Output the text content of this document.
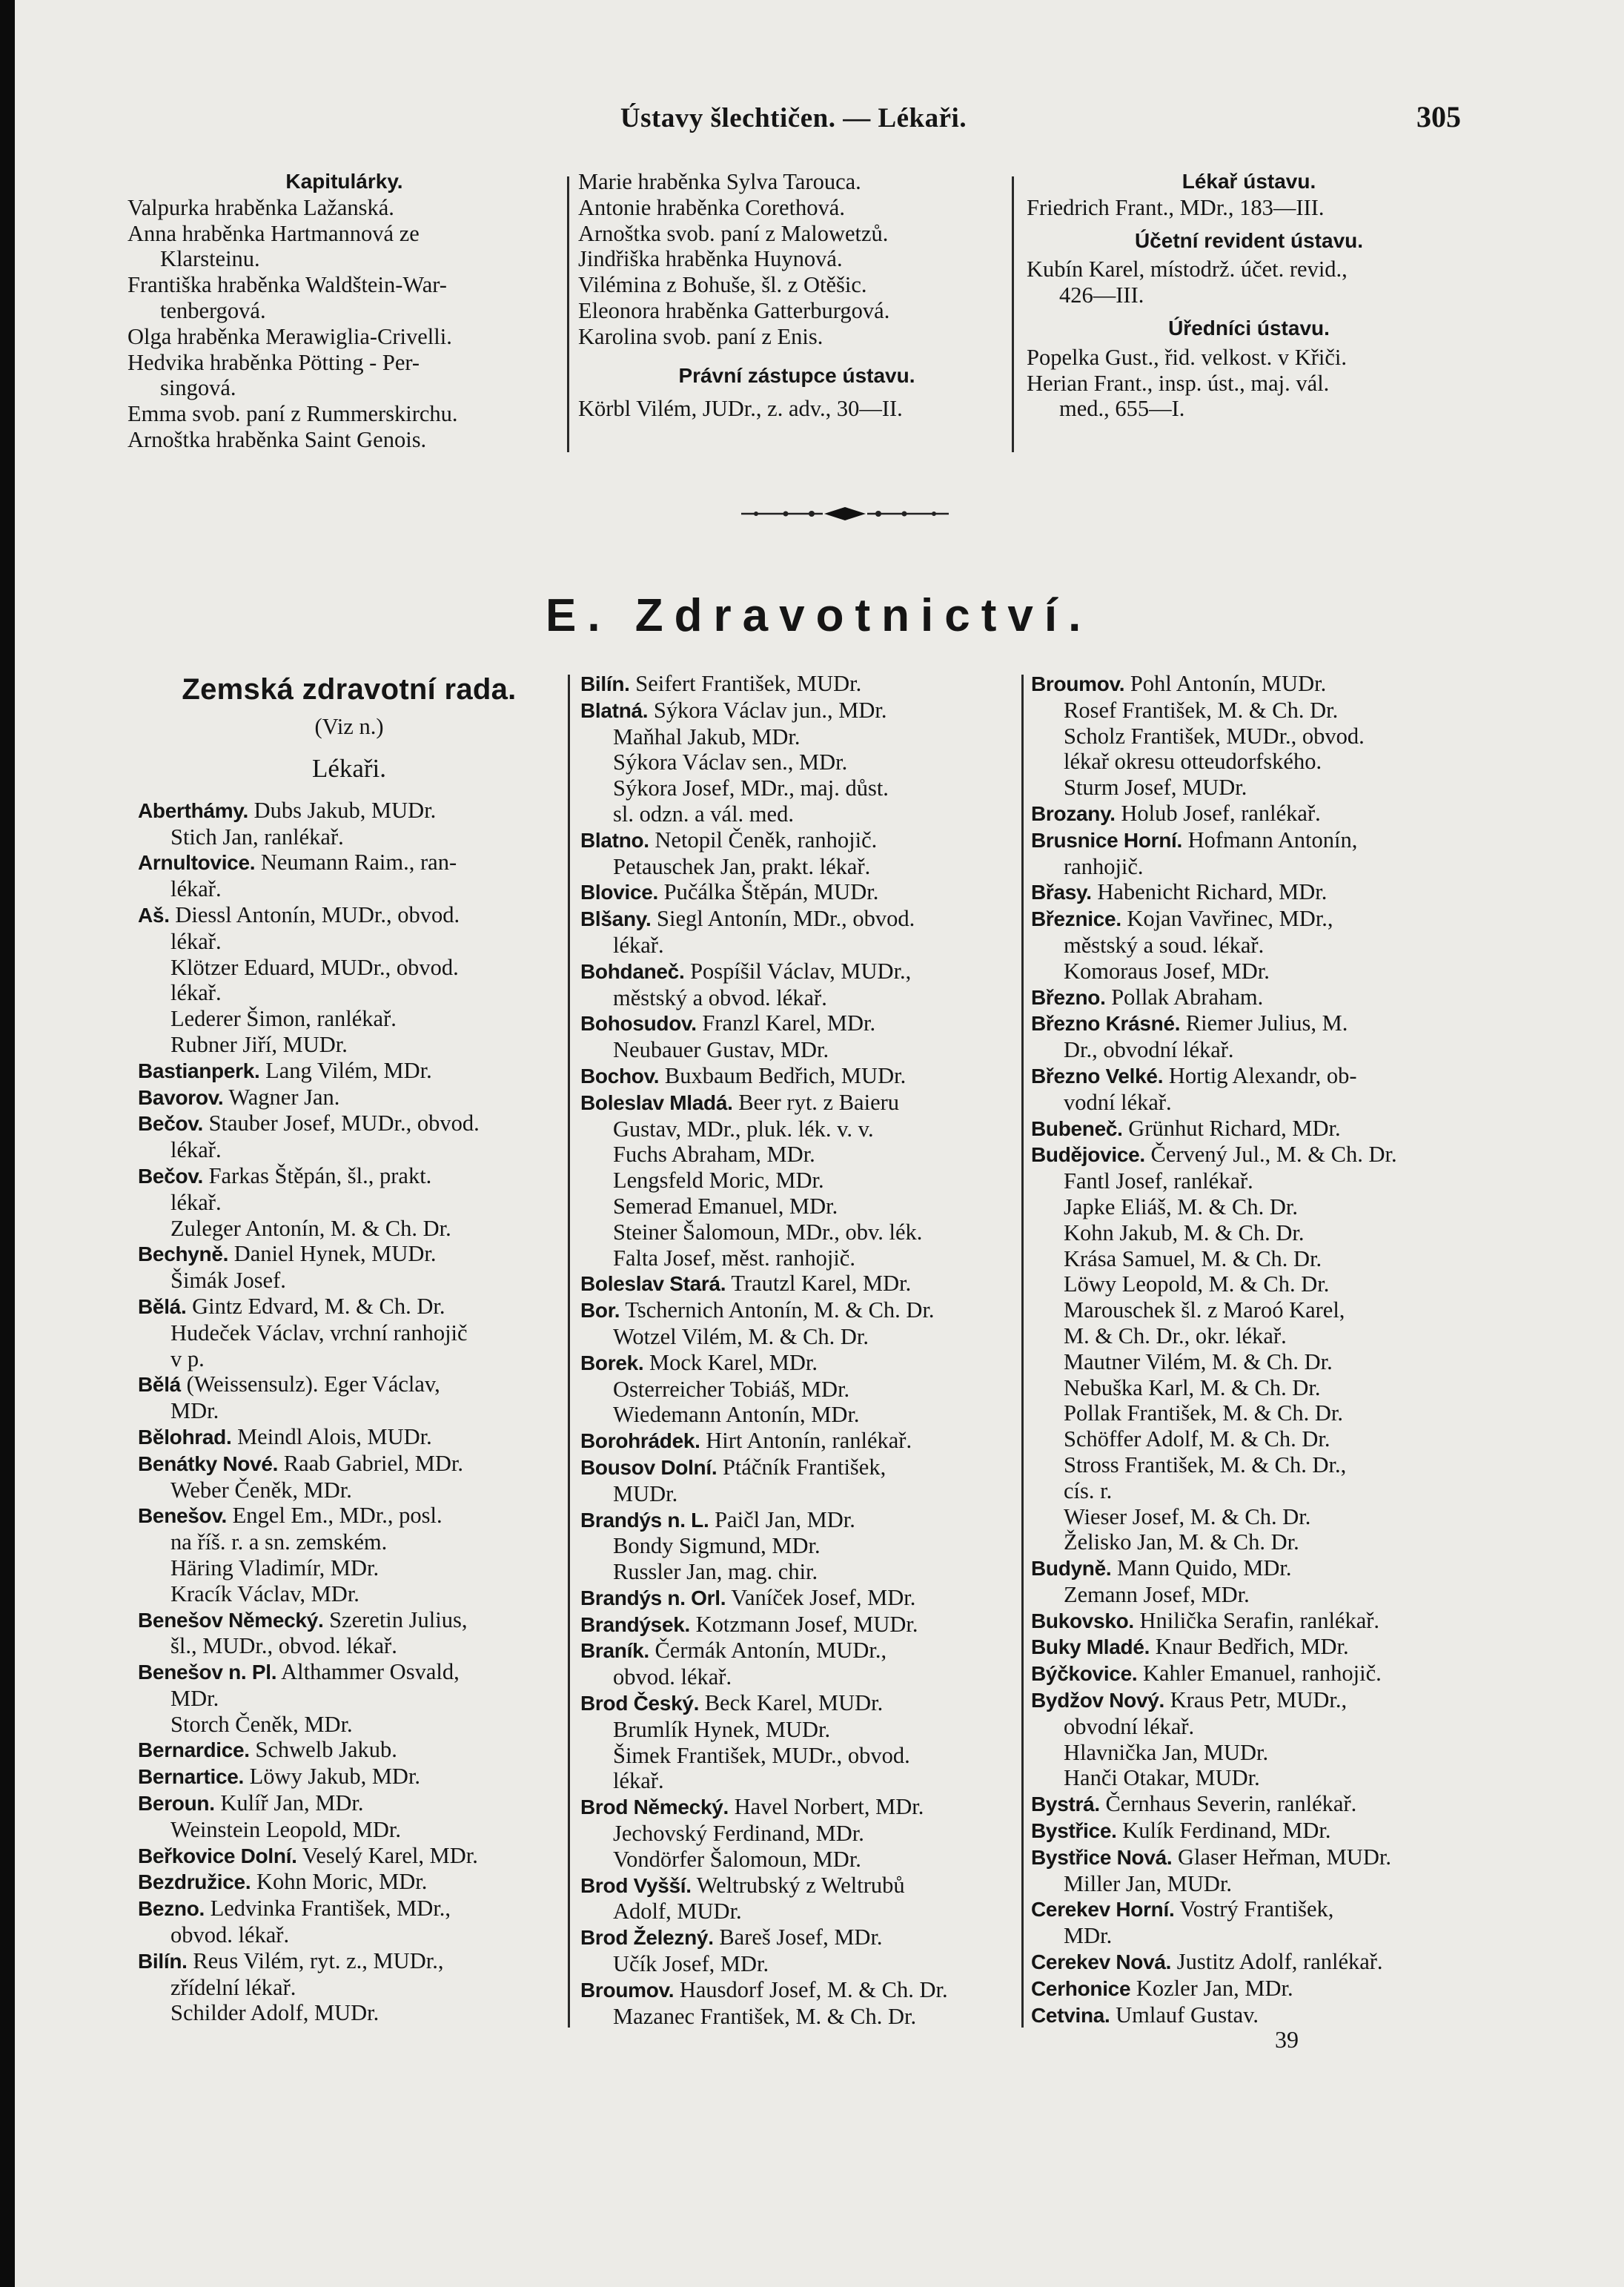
Ústavy šlechtičen. — Lékaři.	305
Kapitulárky.
Valpurka hraběnka Lažanská.
Anna hraběnka Hartmannová ze
Klarsteinu.
Františka hraběnka Waldštein-War-
tenbergová.
Olga hraběnka Merawiglia-Crivelli.
Hedvika hraběnka Pötting - Per-
singová.
Emma svob. paní z Rummerskirchu.
Arnoštka hraběnka Saint Genois.
Marie hraběnka Sylva Tarouca.
Antonie hraběnka Corethová.
Arnoštka svob. paní z Malowetzů.
Jindřiška hraběnka Huynová.
Vilémina z Bohuše, šl. z Otěšic.
Eleonora hraběnka Gatterburgová.
Karolina svob. paní z Enis.
Právní zástupce ústavu.
Körbl Vilém, JUDr., z. adv., 30—II.
Lékař ústavu.
Friedrich Frant., MDr., 183—III.
Účetní revident ústavu.
Kubín Karel, místodrž. účet. revid.,
426—III.
Úředníci ústavu.
Popelka Gust., řid. velkost. v Křiči.
Herian Frant., insp. úst., maj. vál.
med., 655—I.
E. Zdravotnictví.
Zemská zdravotní rada.
(Viz n.)
Lékaři.
Aberthámy. Dubs Jakub, MUDr.
Stich Jan, ranlékař.
Arnultovice. Neumann Raim., ran-
lékař.
Aš. Diessl Antonín, MUDr., obvod.
lékař.
Klötzer Eduard, MUDr., obvod.
lékař.
Lederer Šimon, ranlékař.
Rubner Jiří, MUDr.
Bastianperk. Lang Vilém, MDr.
Bavorov. Wagner Jan.
Bečov. Stauber Josef, MUDr., obvod.
lékař.
Bečov. Farkas Štěpán, šl., prakt.
lékař.
Zuleger Antonín, M. & Ch. Dr.
Bechyně. Daniel Hynek, MUDr.
Šimák Josef.
Bělá. Gintz Edvard, M. & Ch. Dr.
Hudeček Václav, vrchní ranhojič
v p.
Bělá (Weissensulz). Eger Václav,
MDr.
Bělohrad. Meindl Alois, MUDr.
Benátky Nové. Raab Gabriel, MDr.
Weber Čeněk, MDr.
Benešov. Engel Em., MDr., posl.
na říš. r. a sn. zemském.
Häring Vladimír, MDr.
Kracík Václav, MDr.
Benešov Německý. Szeretin Julius,
šl., MUDr., obvod. lékař.
Benešov n. Pl. Althammer Osvald,
MDr.
Storch Čeněk, MDr.
Bernardice. Schwelb Jakub.
Bernartice. Löwy Jakub, MDr.
Beroun. Kulíř Jan, MDr.
Weinstein Leopold, MDr.
Beřkovice Dolní. Veselý Karel, MDr.
Bezdružice. Kohn Moric, MDr.
Bezno. Ledvinka František, MDr.,
obvod. lékař.
Bilín. Reus Vilém, ryt. z., MUDr.,
zřídelní lékař.
Schilder Adolf, MUDr.
Bilín. Seifert František, MUDr.
Blatná. Sýkora Václav jun., MDr.
Maňhal Jakub, MDr.
Sýkora Václav sen., MDr.
Sýkora Josef, MDr., maj. důst.
sl. odzn. a vál. med.
Blatno. Netopil Čeněk, ranhojič.
Petauschek Jan, prakt. lékař.
Blovice. Pučálka Štěpán, MUDr.
Blšany. Siegl Antonín, MDr., obvod.
lékař.
Bohdaneč. Pospíšil Václav, MUDr.,
městský a obvod. lékař.
Bohosudov. Franzl Karel, MDr.
Neubauer Gustav, MDr.
Bochov. Buxbaum Bedřich, MUDr.
Boleslav Mladá. Beer ryt. z Baieru
Gustav, MDr., pluk. lék. v. v.
Fuchs Abraham, MDr.
Lengsfeld Moric, MDr.
Semerad Emanuel, MDr.
Steiner Šalomoun, MDr., obv. lék.
Falta Josef, měst. ranhojič.
Boleslav Stará. Trautzl Karel, MDr.
Bor. Tschernich Antonín, M. & Ch. Dr.
Wotzel Vilém, M. & Ch. Dr.
Borek. Mock Karel, MDr.
Osterreicher Tobiáš, MDr.
Wiedemann Antonín, MDr.
Borohrádek. Hirt Antonín, ranlékař.
Bousov Dolní. Ptáčník František,
MUDr.
Brandýs n. L. Paičl Jan, MDr.
Bondy Sigmund, MDr.
Russler Jan, mag. chir.
Brandýs n. Orl. Vaníček Josef, MDr.
Brandýsek. Kotzmann Josef, MUDr.
Braník. Čermák Antonín, MUDr.,
obvod. lékař.
Brod Český. Beck Karel, MUDr.
Brumlík Hynek, MUDr.
Šimek František, MUDr., obvod.
lékař.
Brod Německý. Havel Norbert, MDr.
Jechovský Ferdinand, MDr.
Vondörfer Šalomoun, MDr.
Brod Vyšší. Weltrubský z Weltrubů
Adolf, MUDr.
Brod Železný. Bareš Josef, MDr.
Učík Josef, MDr.
Broumov. Hausdorf Josef, M. & Ch. Dr.
Mazanec František, M. & Ch. Dr.
Broumov. Pohl Antonín, MUDr.
Rosef František, M. & Ch. Dr.
Scholz František, MUDr., obvod.
lékař okresu otteudorfského.
Sturm Josef, MUDr.
Brozany. Holub Josef, ranlékař.
Brusnice Horní. Hofmann Antonín,
ranhojič.
Břasy. Habenicht Richard, MDr.
Březnice. Kojan Vavřinec, MDr.,
městský a soud. lékař.
Komoraus Josef, MDr.
Březno. Pollak Abraham.
Březno Krásné. Riemer Julius, M.
Dr., obvodní lékař.
Březno Velké. Hortig Alexandr, ob-
vodní lékař.
Bubeneč. Grünhut Richard, MDr.
Budějovice. Červený Jul., M. & Ch. Dr.
Fantl Josef, ranlékař.
Japke Eliáš, M. & Ch. Dr.
Kohn Jakub, M. & Ch. Dr.
Krása Samuel, M. & Ch. Dr.
Löwy Leopold, M. & Ch. Dr.
Marouschek šl. z Maroó Karel,
M. & Ch. Dr., okr. lékař.
Mautner Vilém, M. & Ch. Dr.
Nebuška Karl, M. & Ch. Dr.
Pollak František, M. & Ch. Dr.
Schöffer Adolf, M. & Ch. Dr.
Stross František, M. & Ch. Dr.,
cís. r.
Wieser Josef, M. & Ch. Dr.
Želisko Jan, M. & Ch. Dr.
Budyně. Mann Quido, MDr.
Zemann Josef, MDr.
Bukovsko. Hnilička Serafin, ranlékař.
Buky Mladé. Knaur Bedřich, MDr.
Býčkovice. Kahler Emanuel, ranhojič.
Bydžov Nový. Kraus Petr, MUDr.,
obvodní lékař.
Hlavnička Jan, MUDr.
Hanči Otakar, MUDr.
Bystrá. Černhaus Severin, ranlékař.
Bystřice. Kulík Ferdinand, MDr.
Bystřice Nová. Glaser Heřman, MUDr.
Miller Jan, MUDr.
Cerekev Horní. Vostrý František,
MDr.
Cerekev Nová. Justitz Adolf, ranlékař.
Cerhonice Kozler Jan, MDr.
Cetvina. Umlauf Gustav.
39
